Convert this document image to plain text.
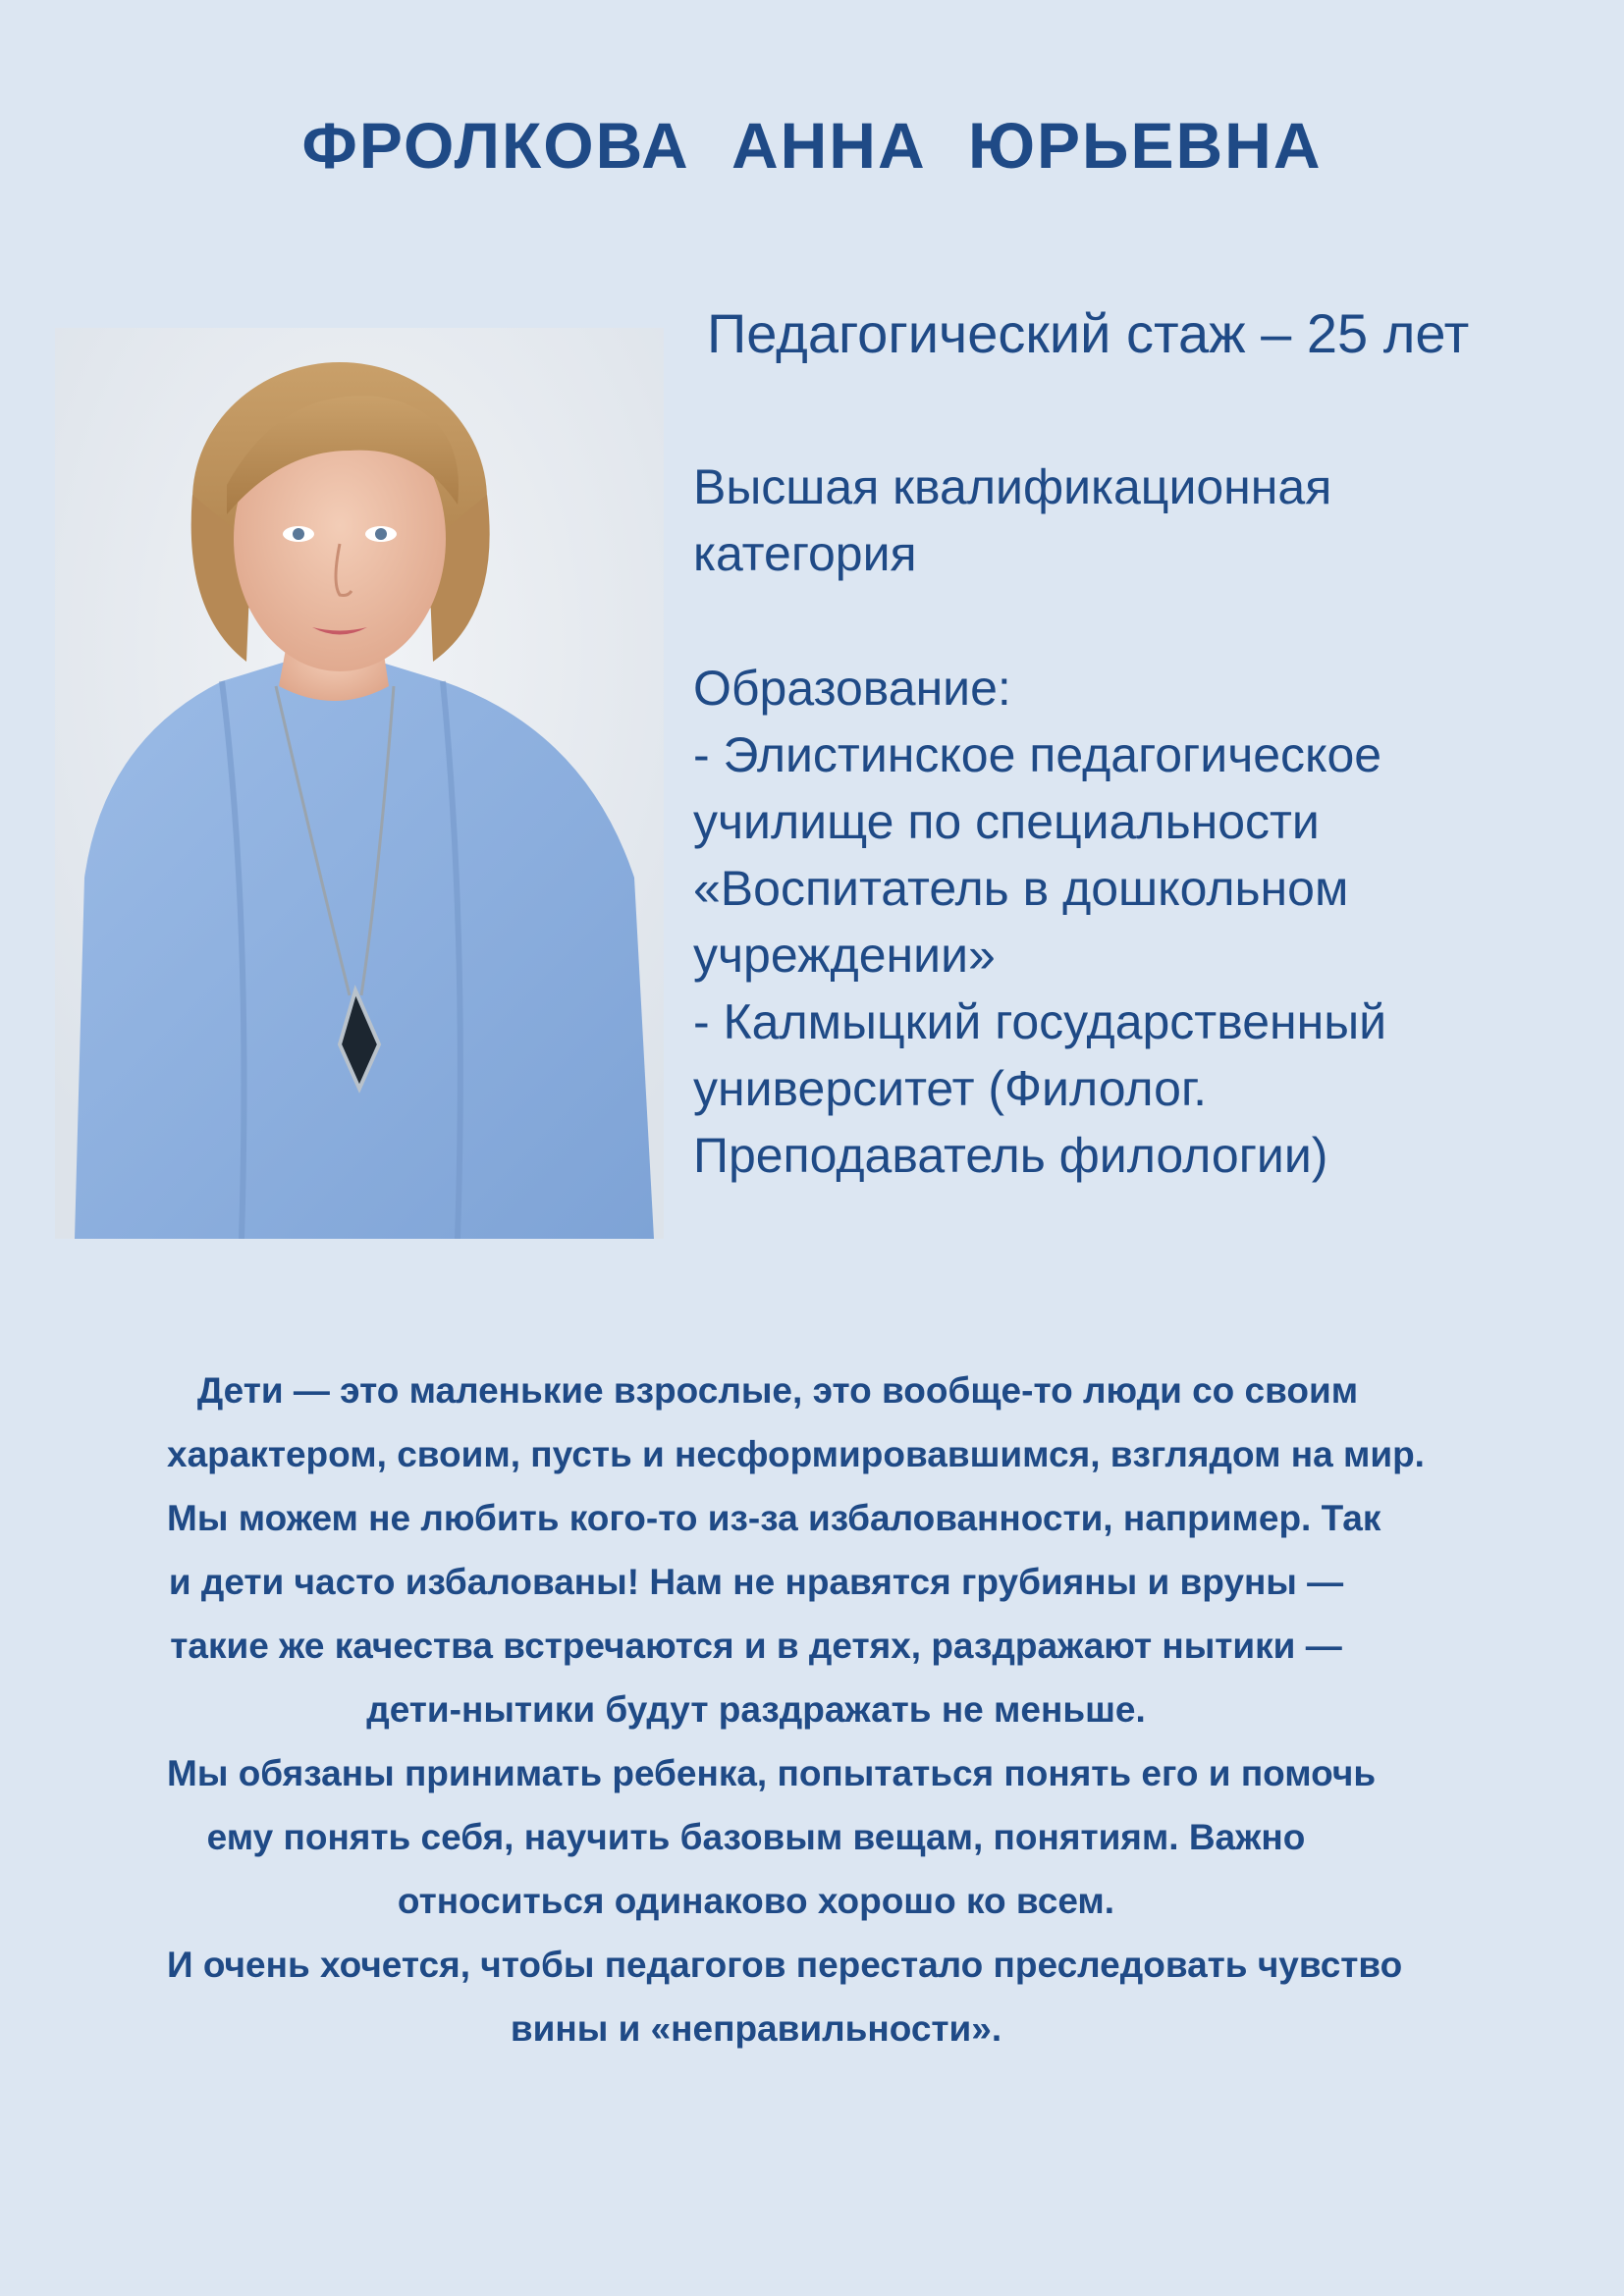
ФРОЛКОВА АННА ЮРЬЕВНА

Педагогический стаж – 25 лет

Высшая квалификационная
категория

Образование:
- Элистинское педагогическое
училище по специальности
«Воспитатель в дошкольном
учреждении»
- Калмыцкий государственный
университет (Филолог.
Преподаватель филологии)
Дети — это маленькие взрослые, это вообще-то люди со своим
характером, своим, пусть и несформировавшимся, взглядом на мир.
Мы можем не любить кого-то из-за избалованности, например. Так
и дети часто избалованы! Нам не нравятся грубияны и вруны —
такие же качества встречаются и в детях, раздражают нытики —
дети-нытики будут раздражать не меньше.
Мы обязаны принимать ребенка, попытаться понять его и помочь
ему понять себя, научить базовым вещам, понятиям. Важно
относиться одинаково хорошо ко всем.
И очень хочется, чтобы педагогов перестало преследовать чувство
вины и «неправильности».
